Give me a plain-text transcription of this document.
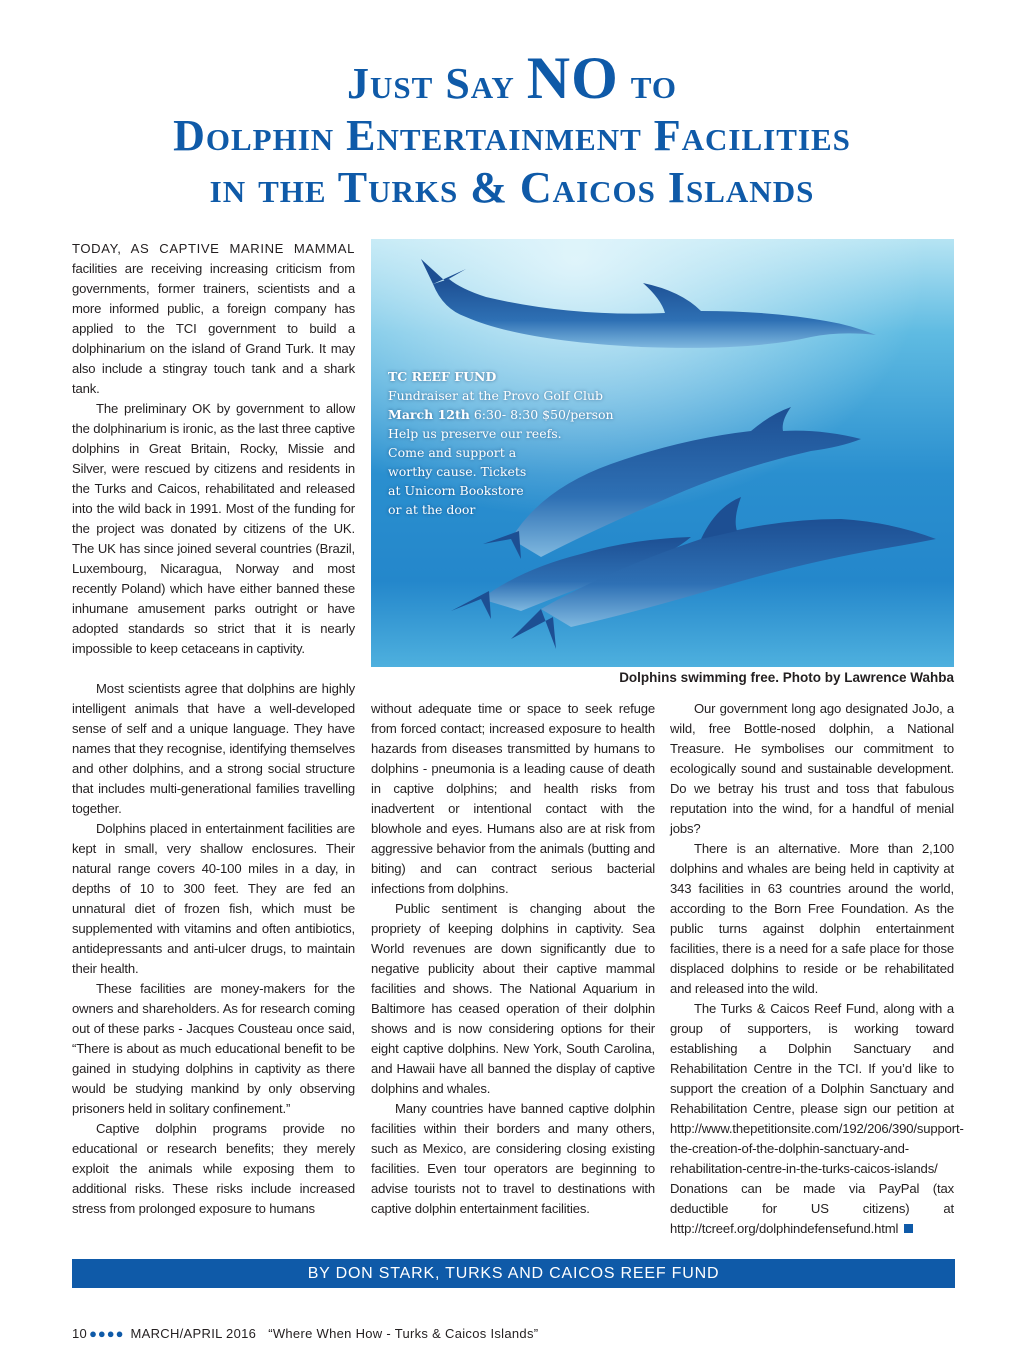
Just Say NO to
Dolphin Entertainment Facilities
in the Turks & Caicos Islands

TODAY, AS CAPTIVE MARINE MAMMAL facilities are receiving increasing criticism from governments, former trainers, scientists and a more informed public, a foreign company has applied to the TCI government to build a dolphinarium on the island of Grand Turk. It may also include a stingray touch tank and a shark tank.

The preliminary OK by government to allow the dolphinarium is ironic, as the last three captive dolphins in Great Britain, Rocky, Missie and Silver, were rescued by citizens and residents in the Turks and Caicos, rehabilitated and released into the wild back in 1991. Most of the funding for the project was donated by citizens of the UK. The UK has since joined several countries (Brazil, Luxembourg, Nicaragua, Norway and most recently Poland) which have either banned these inhumane amusement parks outright or have adopted standards so strict that it is nearly impossible to keep cetaceans in captivity.

Most scientists agree that dolphins are highly intelligent animals that have a well-developed sense of self and a unique language. They have names that they recognise, identifying themselves and other dolphins, and a strong social structure that includes multi-generational families travelling together.

Dolphins placed in entertainment facilities are kept in small, very shallow enclosures. Their natural range covers 40-100 miles in a day, in depths of 10 to 300 feet. They are fed an unnatural diet of frozen fish, which must be supplemented with vitamins and often antibiotics, antidepressants and anti-ulcer drugs, to maintain their health.

These facilities are money-makers for the owners and shareholders. As for research coming out of these parks - Jacques Cousteau once said, “There is about as much educational benefit to be gained in studying dolphins in captivity as there would be studying mankind by only observing prisoners held in solitary confinement.”

Captive dolphin programs provide no educational or research benefits; they merely exploit the animals while exposing them to additional risks. These risks include increased stress from prolonged exposure to humans

TC REEF FUND
Fundraiser at the Provo Golf Club
March 12th 6:30- 8:30 $50/person
Help us preserve our reefs.
Come and support a
worthy cause. Tickets
at Unicorn Bookstore
or at the door
Dolphins swimming free. Photo by Lawrence Wahba

without adequate time or space to seek refuge from forced contact; increased exposure to health hazards from diseases transmitted by humans to dolphins - pneumonia is a leading cause of death in captive dolphins; and health risks from inadvertent or intentional contact with the blowhole and eyes. Humans also are at risk from aggressive behavior from the animals (butting and biting) and can contract serious bacterial infections from dolphins.

Public sentiment is changing about the propriety of keeping dolphins in captivity. Sea World revenues are down significantly due to negative publicity about their captive mammal facilities and shows. The National Aquarium in Baltimore has ceased operation of their dolphin shows and is now considering options for their eight captive dolphins. New York, South Carolina, and Hawaii have all banned the display of captive dolphins and whales.

Many countries have banned captive dolphin facilities within their borders and many others, such as Mexico, are considering closing existing facilities. Even tour operators are beginning to advise tourists not to travel to destinations with captive dolphin entertainment facilities.

Our government long ago designated JoJo, a wild, free Bottle-nosed dolphin, a National Treasure. He symbolises our commitment to ecologically sound and sustainable development. Do we betray his trust and toss that fabulous reputation into the wind, for a handful of menial jobs?

There is an alternative. More than 2,100 dolphins and whales are being held in captivity at 343 facilities in 63 countries around the world, according to the Born Free Foundation. As the public turns against dolphin entertainment facilities, there is a need for a safe place for those displaced dolphins to reside or be rehabilitated and released into the wild.

The Turks & Caicos Reef Fund, along with a group of supporters, is working toward establishing a Dolphin Sanctuary and Rehabilitation Centre in the TCI. If you’d like to support the creation of a Dolphin Sanctuary and Rehabilitation Centre, please sign our petition at http://www.thepetitionsite.com/192/206/390/support-the-creation-of-the-dolphin-sanctuary-and-rehabilitation-centre-in-the-turks-caicos-islands/ Donations can be made via PayPal (tax deductible for US citizens) at http://tcreef.org/dolphindefensefund.html

BY DON STARK, TURKS AND CAICOS REEF FUND
10 ●●●● MARCH/APRIL 2016 “Where When How - Turks & Caicos Islands”
